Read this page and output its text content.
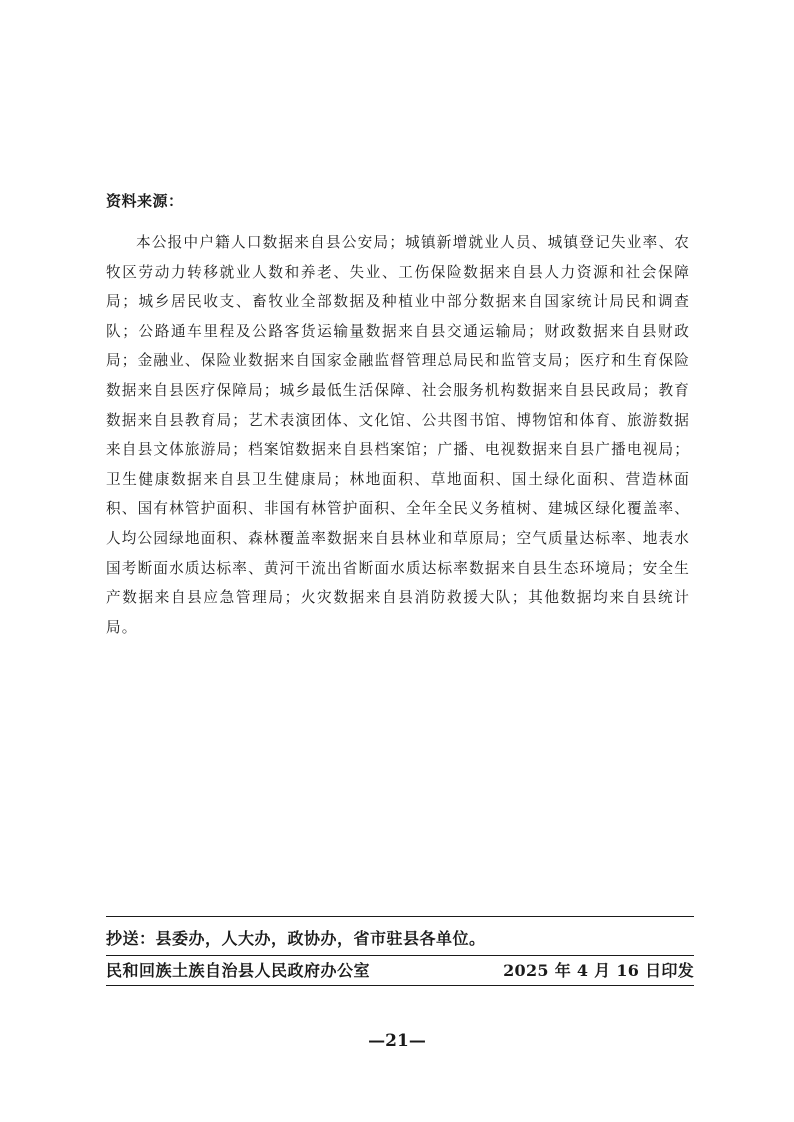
资料来源：
本公报中户籍人口数据来自县公安局；城镇新增就业人员、城镇登记失业率、农牧区劳动力转移就业人数和养老、失业、工伤保险数据来自县人力资源和社会保障局；城乡居民收支、畜牧业全部数据及种植业中部分数据来自国家统计局民和调查队；公路通车里程及公路客货运输量数据来自县交通运输局；财政数据来自县财政局；金融业、保险业数据来自国家金融监督管理总局民和监管支局；医疗和生育保险数据来自县医疗保障局；城乡最低生活保障、社会服务机构数据来自县民政局；教育数据来自县教育局；艺术表演团体、文化馆、公共图书馆、博物馆和体育、旅游数据来自县文体旅游局；档案馆数据来自县档案馆；广播、电视数据来自县广播电视局；卫生健康数据来自县卫生健康局；林地面积、草地面积、国土绿化面积、营造林面积、国有林管护面积、非国有林管护面积、全年全民义务植树、建城区绿化覆盖率、人均公园绿地面积、森林覆盖率数据来自县林业和草原局；空气质量达标率、地表水国考断面水质达标率、黄河干流出省断面水质达标率数据来自县生态环境局；安全生产数据来自县应急管理局；火灾数据来自县消防救援大队；其他数据均来自县统计局。
抄送：县委办，人大办，政协办，省市驻县各单位。
民和回族土族自治县人民政府办公室	2025 年 4 月 16 日印发
—21—
